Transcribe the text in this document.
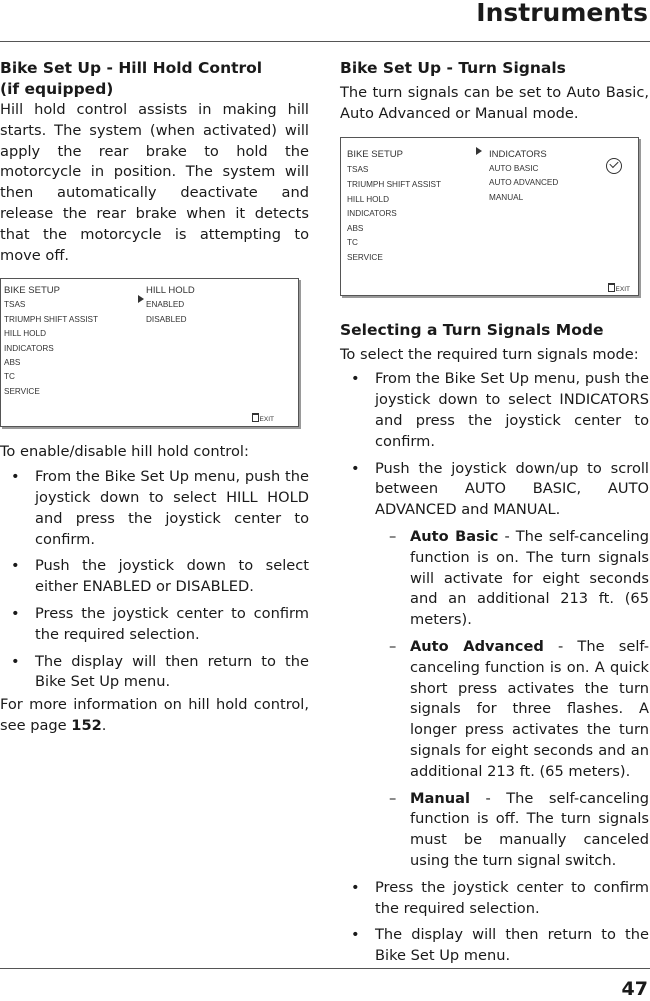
Instruments
Bike Set Up - Hill Hold Control
(if equipped)

Hill hold control assists in making hill starts. The system (when activated) will apply the rear brake to hold the motorcycle in position. The system will then automatically deactivate and release the rear brake when it detects that the motorcycle is attempting to move off.

BIKE SETUP
TSAS
TRIUMPH SHIFT ASSIST
HILL HOLD
INDICATORS
ABS
TC
SERVICE
HILL HOLD
ENABLED
DISABLED
EXIT

To enable/disable hill hold control:

• From the Bike Set Up menu, push the joystick down to select HILL HOLD and press the joystick center to confirm.
• Push the joystick down to select either ENABLED or DISABLED.
• Press the joystick center to confirm the required selection.
• The display will then return to the Bike Set Up menu.

For more information on hill hold control, see page 152.

Bike Set Up - Turn Signals

The turn signals can be set to Auto Basic, Auto Advanced or Manual mode.

BIKE SETUP
TSAS
TRIUMPH SHIFT ASSIST
HILL HOLD
INDICATORS
ABS
TC
SERVICE
INDICATORS
AUTO BASIC
AUTO ADVANCED
MANUAL
EXIT
Selecting a Turn Signals Mode

To select the required turn signals mode:

• From the Bike Set Up menu, push the joystick down to select INDICATORS and press the joystick center to confirm.
• Push the joystick down/up to scroll between AUTO BASIC, AUTO ADVANCED and MANUAL.
– Auto Basic - The self-canceling function is on. The turn signals will activate for eight seconds and an additional 213 ft. (65 meters).
– Auto Advanced - The self-canceling function is on. A quick short press activates the turn signals for three flashes. A longer press activates the turn signals for eight seconds and an additional 213 ft. (65 meters).
– Manual - The self-canceling function is off. The turn signals must be manually canceled using the turn signal switch.
• Press the joystick center to confirm the required selection.
• The display will then return to the Bike Set Up menu.
47
